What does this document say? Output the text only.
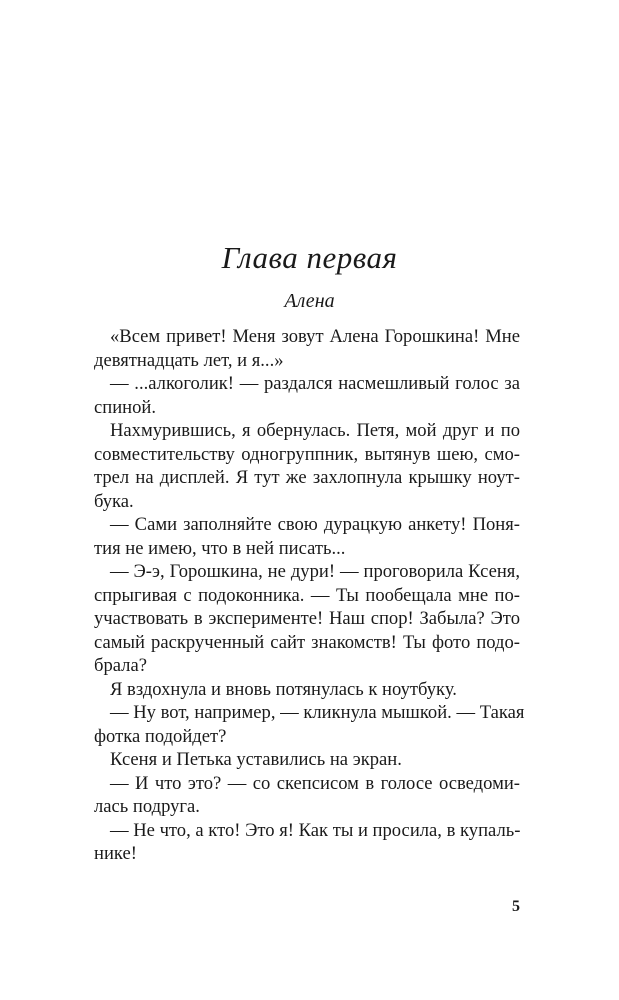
Глава первая
Алена
«Всем привет! Меня зовут Алена Горошкина! Мне
девятнадцать лет, и я...»
— ...алкоголик! — раздался насмешливый голос за
спиной.
Нахмурившись, я обернулась. Петя, мой друг и по
совместительству одногруппник, вытянув шею, смо-
трел на дисплей. Я тут же захлопнула крышку ноут-
бука.
— Сами заполняйте свою дурацкую анкету! Поня-
тия не имею, что в ней писать...
— Э-э, Горошкина, не дури! — проговорила Ксеня,
спрыгивая с подоконника. — Ты пообещала мне по-
участвовать в эксперименте! Наш спор! Забыла? Это
самый раскрученный сайт знакомств! Ты фото подо-
брала?
Я вздохнула и вновь потянулась к ноутбуку.
— Ну вот, например, — кликнула мышкой. — Такая
фотка подойдет?
Ксеня и Петька уставились на экран.
— И что это? — со скепсисом в голосе осведоми-
лась подруга.
— Не что, а кто! Это я! Как ты и просила, в купаль-
нике!
5
